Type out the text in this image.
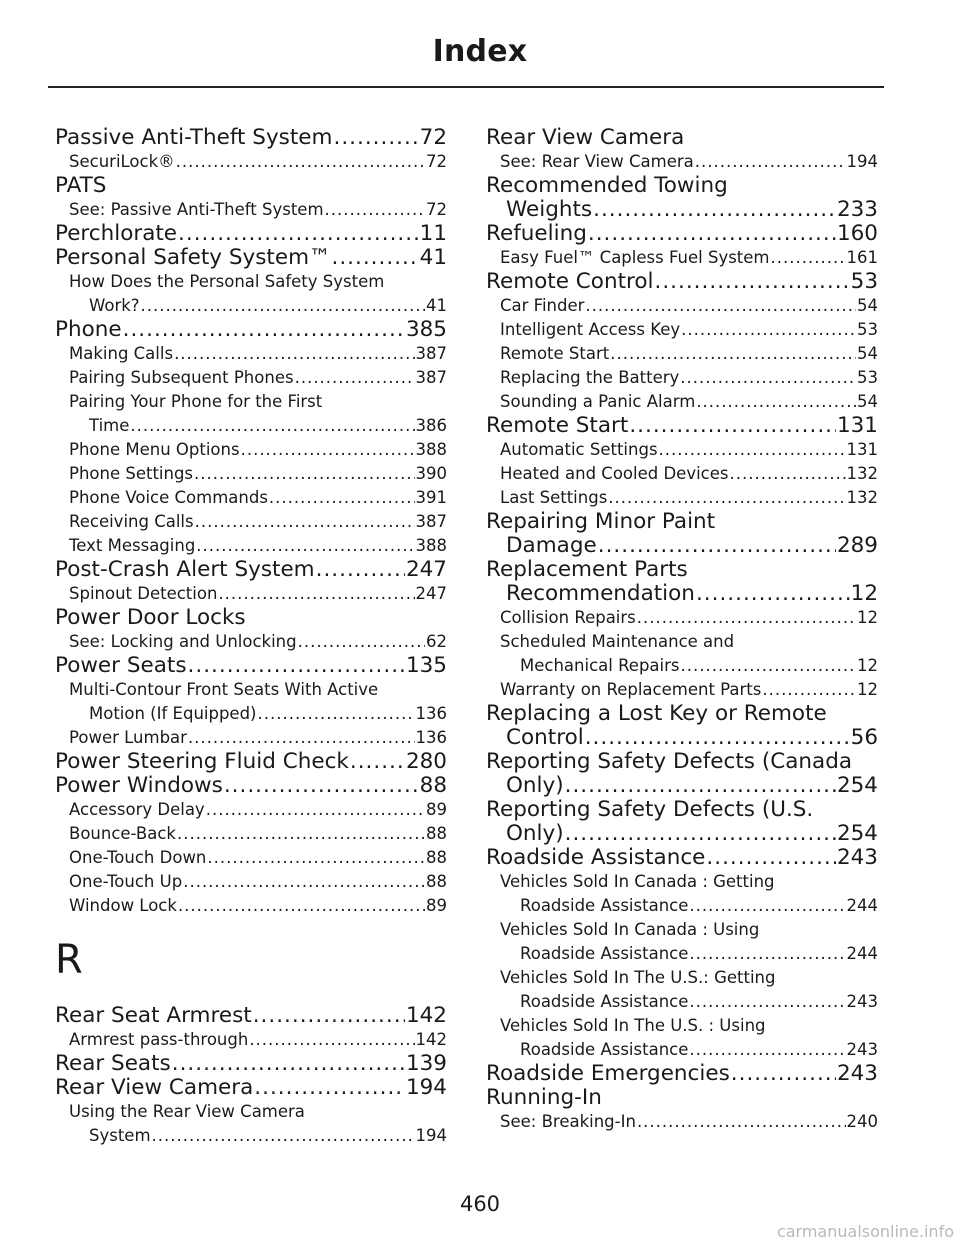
Index
Passive Anti-Theft System .....	72
SecuriLock® .....	72
PATS
See: Passive Anti-Theft System .....	72
Perchlorate .....	11
Personal Safety System™ .....	41
How Does the Personal Safety System
Work? .....	41
Phone .....	385
Making Calls .....	387
Pairing Subsequent Phones .....	387
Pairing Your Phone for the First
Time .....	386
Phone Menu Options .....	388
Phone Settings .....	390
Phone Voice Commands .....	391
Receiving Calls .....	387
Text Messaging .....	388
Post-Crash Alert System .....	247
Spinout Detection .....	247
Power Door Locks
See: Locking and Unlocking .....	62
Power Seats .....	135
Multi-Contour Front Seats With Active
Motion (If Equipped) .....	136
Power Lumbar .....	136
Power Steering Fluid Check .....	280
Power Windows .....	88
Accessory Delay .....	89
Bounce-Back .....	88
One-Touch Down .....	88
One-Touch Up .....	88
Window Lock .....	89
R
Rear Seat Armrest .....	142
Armrest pass-through .....	142
Rear Seats .....	139
Rear View Camera .....	194
Using the Rear View Camera
System .....	194
Rear View Camera
See: Rear View Camera .....	194
Recommended Towing
Weights .....	233
Refueling .....	160
Easy Fuel™ Capless Fuel System .....	161
Remote Control .....	53
Car Finder .....	54
Intelligent Access Key .....	53
Remote Start .....	54
Replacing the Battery .....	53
Sounding a Panic Alarm .....	54
Remote Start .....	131
Automatic Settings .....	131
Heated and Cooled Devices .....	132
Last Settings .....	132
Repairing Minor Paint
Damage .....	289
Replacement Parts
Recommendation .....	12
Collision Repairs .....	12
Scheduled Maintenance and
Mechanical Repairs .....	12
Warranty on Replacement Parts .....	12
Replacing a Lost Key or Remote
Control .....	56
Reporting Safety Defects (Canada
Only) .....	254
Reporting Safety Defects (U.S.
Only) .....	254
Roadside Assistance .....	243
Vehicles Sold In Canada : Getting
Roadside Assistance .....	244
Vehicles Sold In Canada : Using
Roadside Assistance .....	244
Vehicles Sold In The U.S.: Getting
Roadside Assistance .....	243
Vehicles Sold In The U.S. : Using
Roadside Assistance .....	243
Roadside Emergencies .....	243
Running-In
See: Breaking-In .....	240
460
carmanualsonline.info
